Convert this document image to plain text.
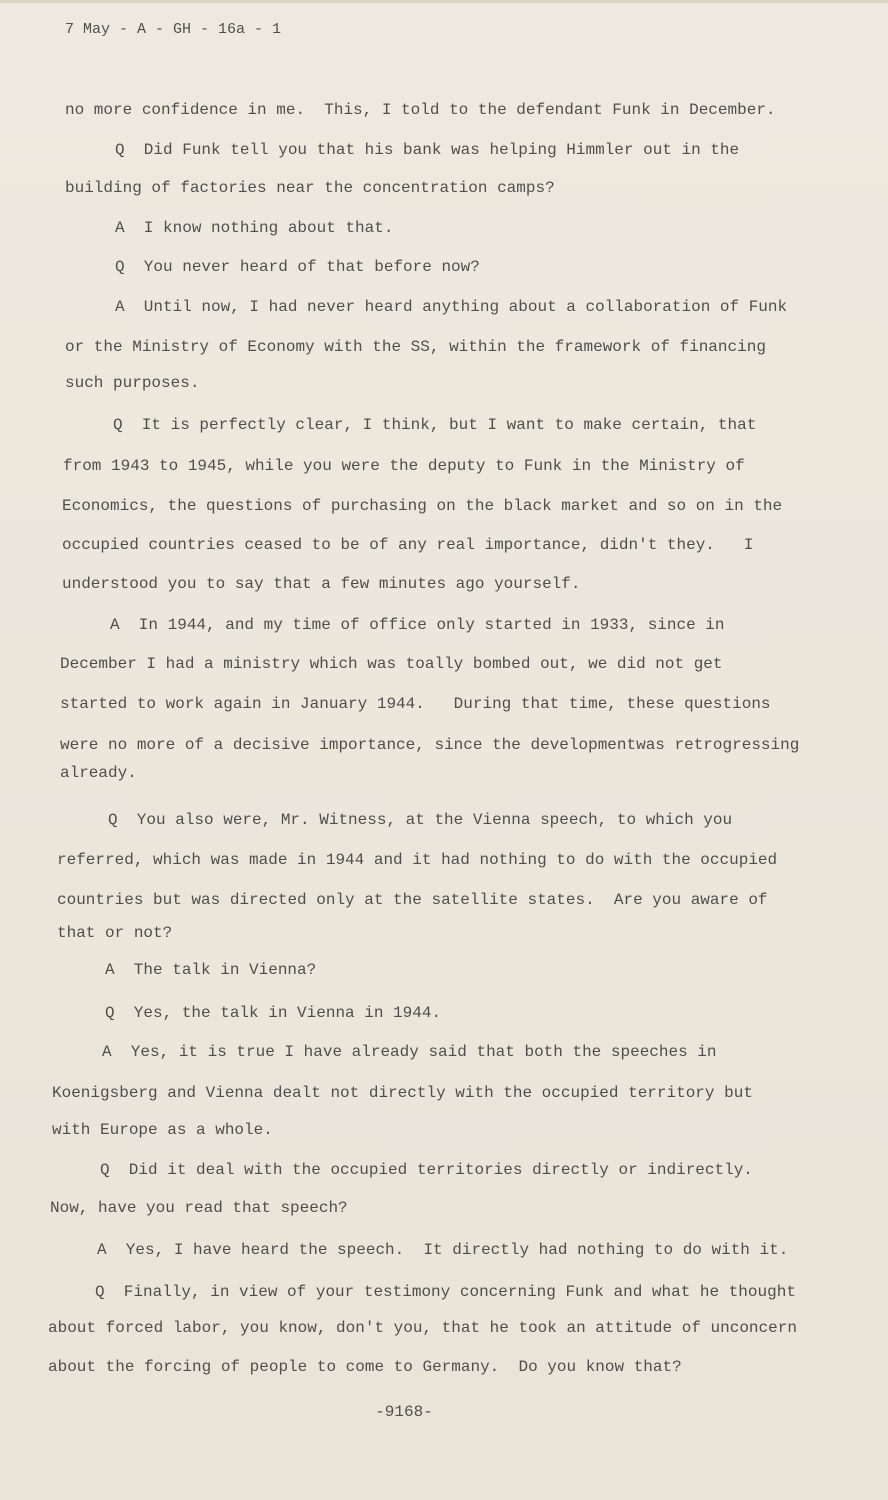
7 May - A - GH - 16a - 1
no more confidence in me.  This, I told to the defendant Funk in December.
Q  Did Funk tell you that his bank was helping Himmler out in the
building of factories near the concentration camps?
A  I know nothing about that.
Q  You never heard of that before now?
A  Until now, I had never heard anything about a collaboration of Funk
or the Ministry of Economy with the SS, within the framework of financing
such purposes.
Q  It is perfectly clear, I think, but I want to make certain, that
from 1943 to 1945, while you were the deputy to Funk in the Ministry of
Economics, the questions of purchasing on the black market and so on in the
occupied countries ceased to be of any real importance, didn't they.   I
understood you to say that a few minutes ago yourself.
A  In 1944, and my time of office only started in 1933, since in
December I had a ministry which was toally bombed out, we did not get
started to work again in January 1944.   During that time, these questions
were no more of a decisive importance, since the developmentwas retrogressing
already.
Q  You also were, Mr. Witness, at the Vienna speech, to which you
referred, which was made in 1944 and it had nothing to do with the occupied
countries but was directed only at the satellite states.  Are you aware of
that or not?
A  The talk in Vienna?
Q  Yes, the talk in Vienna in 1944.
A  Yes, it is true I have already said that both the speeches in
Koenigsberg and Vienna dealt not directly with the occupied territory but
with Europe as a whole.
Q  Did it deal with the occupied territories directly or indirectly.
Now, have you read that speech?
A  Yes, I have heard the speech.  It directly had nothing to do with it.
Q  Finally, in view of your testimony concerning Funk and what he thought
about forced labor, you know, don't you, that he took an attitude of unconcern
about the forcing of people to come to Germany.  Do you know that?
-9168-
